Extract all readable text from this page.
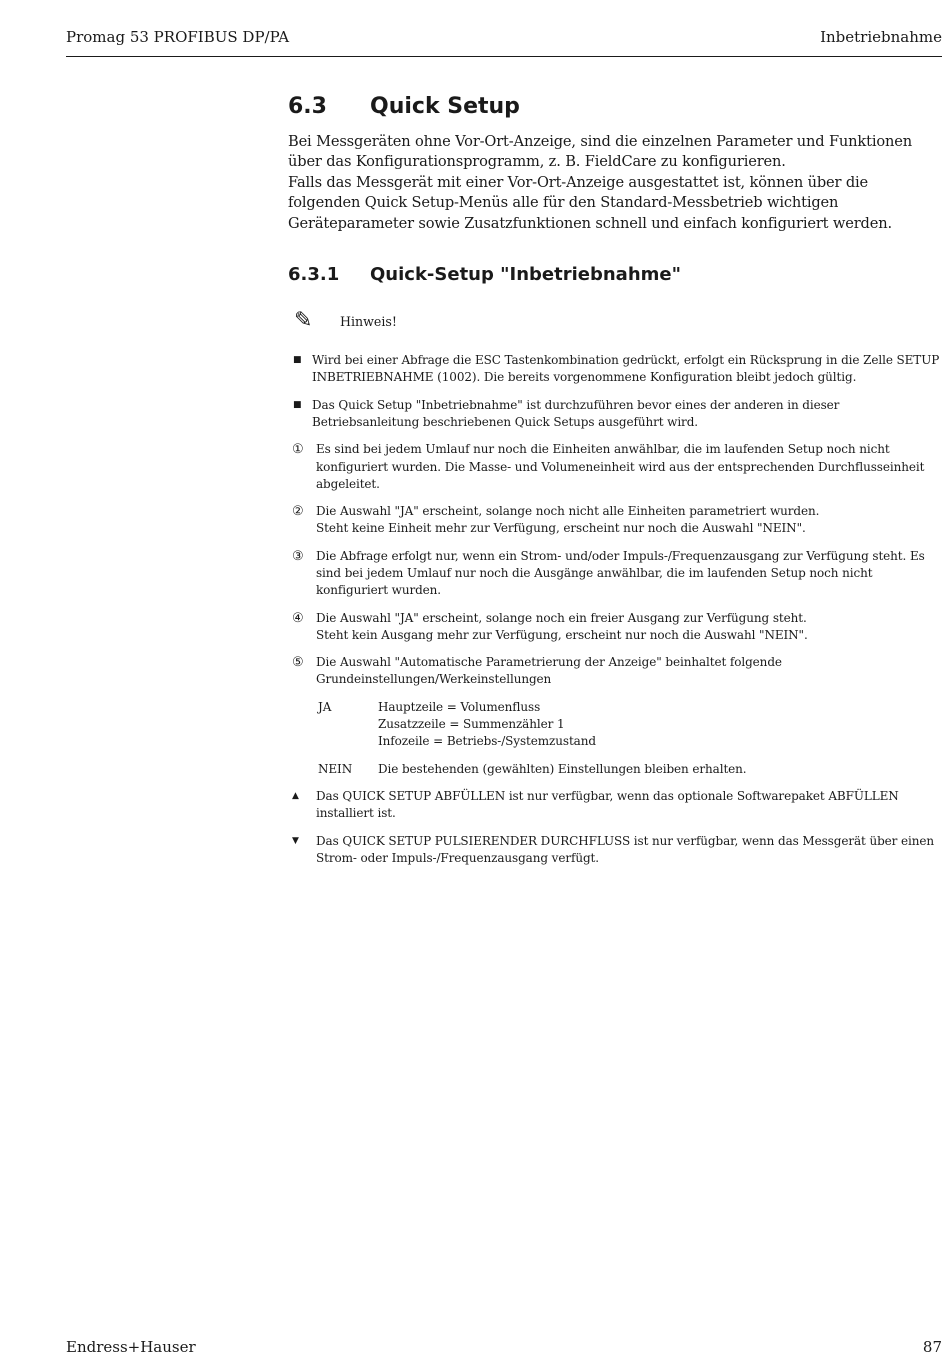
Promag 53 PROFIBUS DP/PA	Inbetriebnahme
6.3	Quick Setup

Bei Messgeräten ohne Vor-Ort-Anzeige, sind die einzelnen Parameter und Funktionen über das Konfigurationsprogramm, z. B. FieldCare zu konfigurieren.

Falls das Messgerät mit einer Vor-Ort-Anzeige ausgestattet ist, können über die folgenden Quick Setup-Menüs alle für den Standard-Messbetrieb wichtigen Geräteparameter sowie Zusatzfunktionen schnell und einfach konfiguriert werden.

6.3.1	Quick-Setup "Inbetriebnahme"
✎	Hinweis!
■ Wird bei einer Abfrage die ESC Tastenkombination gedrückt, erfolgt ein Rücksprung in die Zelle SETUP INBETRIEBNAHME (1002). Die bereits vorgenommene Konfiguration bleibt jedoch gültig.
■ Das Quick Setup "Inbetriebnahme" ist durchzuführen bevor eines der anderen in dieser Betriebsanleitung beschriebenen Quick Setups ausgeführt wird.
①	Es sind bei jedem Umlauf nur noch die Einheiten anwählbar, die im laufenden Setup noch nicht konfiguriert wurden. Die Masse- und Volumeneinheit wird aus der entsprechenden Durchflusseinheit abgeleitet.
②	Die Auswahl "JA" erscheint, solange noch nicht alle Einheiten parametriert wurden.
Steht keine Einheit mehr zur Verfügung, erscheint nur noch die Auswahl "NEIN".
③	Die Abfrage erfolgt nur, wenn ein Strom- und/oder Impuls-/Frequenzausgang zur Verfügung steht. Es sind bei jedem Umlauf nur noch die Ausgänge anwählbar, die im laufenden Setup noch nicht konfiguriert wurden.
④	Die Auswahl "JA" erscheint, solange noch ein freier Ausgang zur Verfügung steht.
Steht kein Ausgang mehr zur Verfügung, erscheint nur noch die Auswahl "NEIN".
⑤	Die Auswahl "Automatische Parametrierung der Anzeige" beinhaltet folgende Grundeinstellungen/Werkeinstellungen
JA	Hauptzeile = Volumenfluss
Zusatzzeile = Summenzähler 1
Infozeile = Betriebs-/Systemzustand
NEIN	Die bestehenden (gewählten) Einstellungen bleiben erhalten.
▲	Das QUICK SETUP ABFÜLLEN ist nur verfügbar, wenn das optionale Softwarepaket ABFÜLLEN installiert ist.
▼	Das QUICK SETUP PULSIERENDER DURCHFLUSS ist nur verfügbar, wenn das Messgerät über einen Strom- oder Impuls-/Frequenzausgang verfügt.
Endress+Hauser	87
